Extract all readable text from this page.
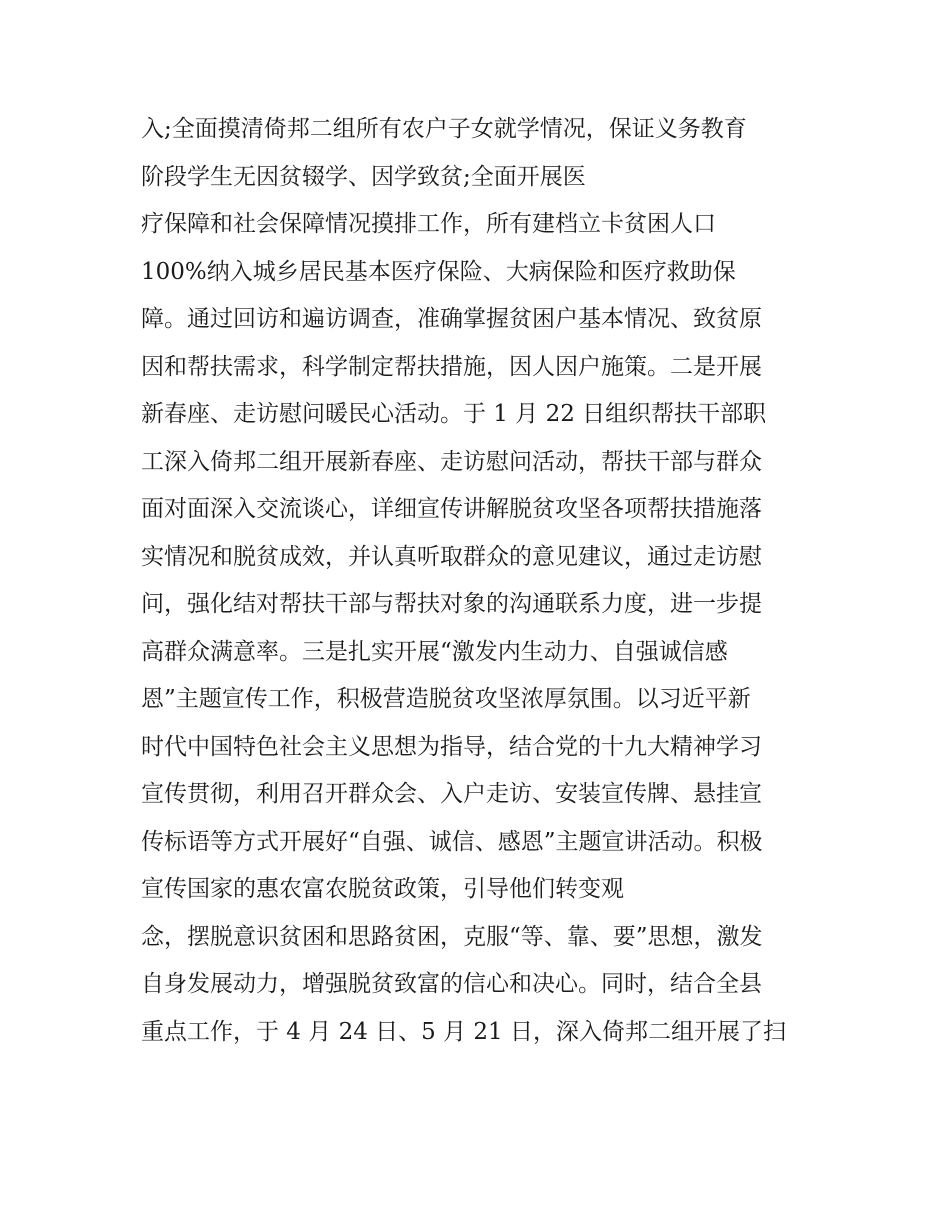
入;全面摸清倚邦二组所有农户子女就学情况，保证义务教育
阶段学生无因贫辍学、因学致贫;全面开展医
疗保障和社会保障情况摸排工作，所有建档立卡贫困人口
100%纳入城乡居民基本医疗保险、大病保险和医疗救助保
障。通过回访和遍访调查，准确掌握贫困户基本情况、致贫原
因和帮扶需求，科学制定帮扶措施，因人因户施策。二是开展
新春座、走访慰问暖民心活动。于 1 月 22 日组织帮扶干部职
工深入倚邦二组开展新春座、走访慰问活动，帮扶干部与群众
面对面深入交流谈心，详细宣传讲解脱贫攻坚各项帮扶措施落
实情况和脱贫成效，并认真听取群众的意见建议，通过走访慰
问，强化结对帮扶干部与帮扶对象的沟通联系力度，进一步提
高群众满意率。三是扎实开展“激发内生动力、自强诚信感
恩”主题宣传工作，积极营造脱贫攻坚浓厚氛围。以习近平新
时代中国特色社会主义思想为指导，结合党的十九大精神学习
宣传贯彻，利用召开群众会、入户走访、安装宣传牌、悬挂宣
传标语等方式开展好“自强、诚信、感恩”主题宣讲活动。积极
宣传国家的惠农富农脱贫政策，引导他们转变观
念，摆脱意识贫困和思路贫困，克服“等、靠、要”思想，激发
自身发展动力，增强脱贫致富的信心和决心。同时，结合全县
重点工作，于 4 月 24 日、5 月 21 日，深入倚邦二组开展了扫
